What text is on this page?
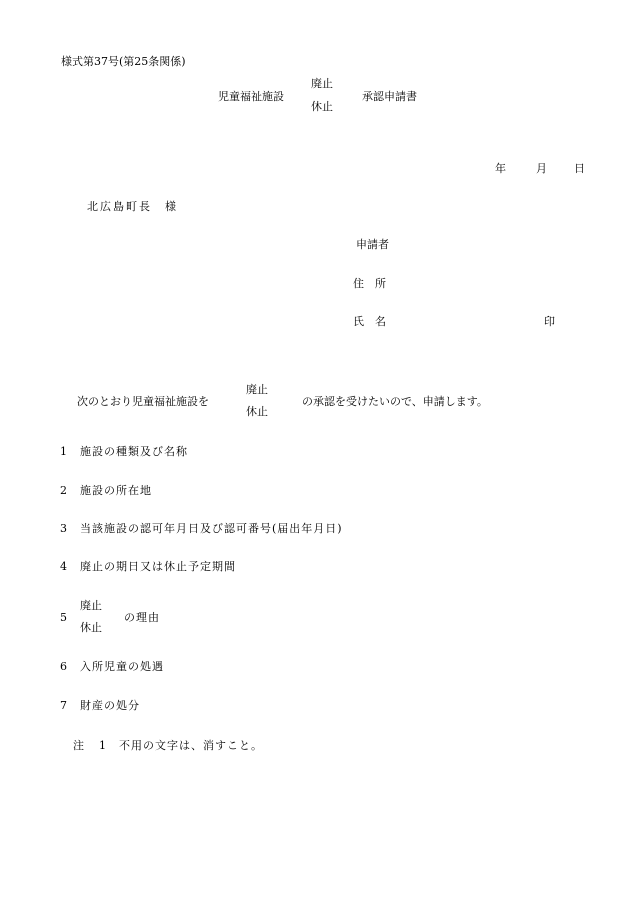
様式第37号(第25条関係)
児童福祉施設
廃止
休止
承認申請書
年	月 日
北広島町長 様
申請者
住　所
氏　名	印
次のとおり児童福祉施設を
廃止
休止
の承認を受けたいので、申請します。
1 施設の種類及び名称
2 施設の所在地
3 当該施設の認可年月日及び認可番号(届出年月日)
4 廃止の期日又は休止予定期間
5
廃止
休止
の理由
6 入所児童の処遇
7 財産の処分
注 1 不用の文字は、消すこと。
